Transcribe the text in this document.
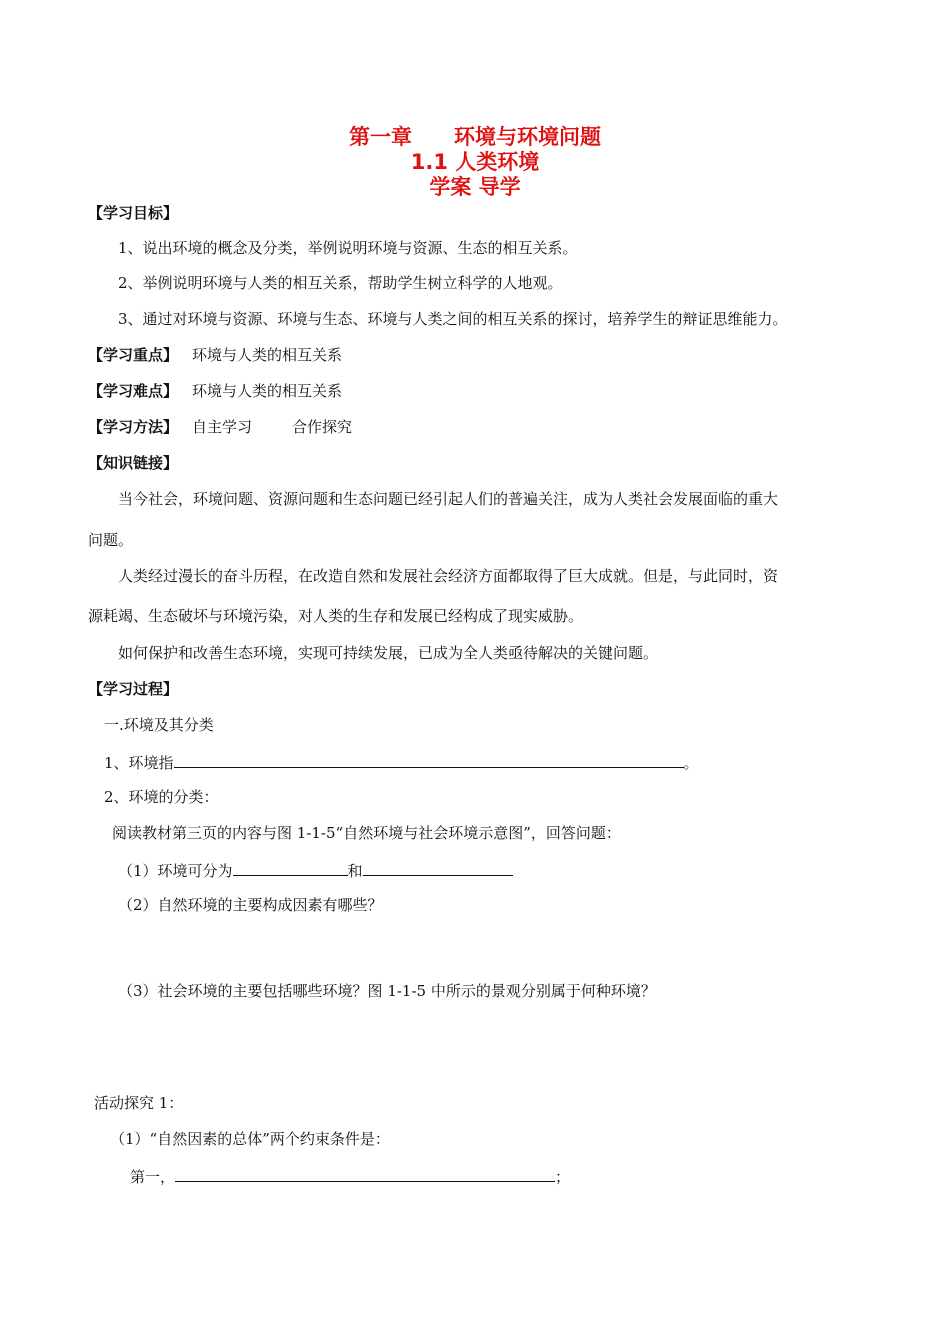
第一章　　环境与环境问题
1.1 人类环境
学案 导学
【学习目标】
1、说出环境的概念及分类，举例说明环境与资源、生态的相互关系。
2、举例说明环境与人类的相互关系，帮助学生树立科学的人地观。
3、通过对环境与资源、环境与生态、环境与人类之间的相互关系的探讨，培养学生的辩证思维能力。
【学习重点】 环境与人类的相互关系
【学习难点】 环境与人类的相互关系
【学习方法】 自主学习	合作探究
【知识链接】
当今社会，环境问题、资源问题和生态问题已经引起人们的普遍关注，成为人类社会发展面临的重大
问题。
人类经过漫长的奋斗历程，在改造自然和发展社会经济方面都取得了巨大成就。但是，与此同时，资
源耗竭、生态破坏与环境污染，对人类的生存和发展已经构成了现实威胁。
如何保护和改善生态环境，实现可持续发展，已成为全人类亟待解决的关键问题。
【学习过程】
一.环境及其分类
1、环境指	。
2、环境的分类：
阅读教材第三页的内容与图 1-1-5“自然环境与社会环境示意图”，回答问题：
（1）环境可分为	和
（2）自然环境的主要构成因素有哪些？
（3）社会环境的主要包括哪些环境？图 1-1-5 中所示的景观分别属于何种环境？
活动探究 1：
（1）“自然因素的总体”两个约束条件是：
第一，	；
